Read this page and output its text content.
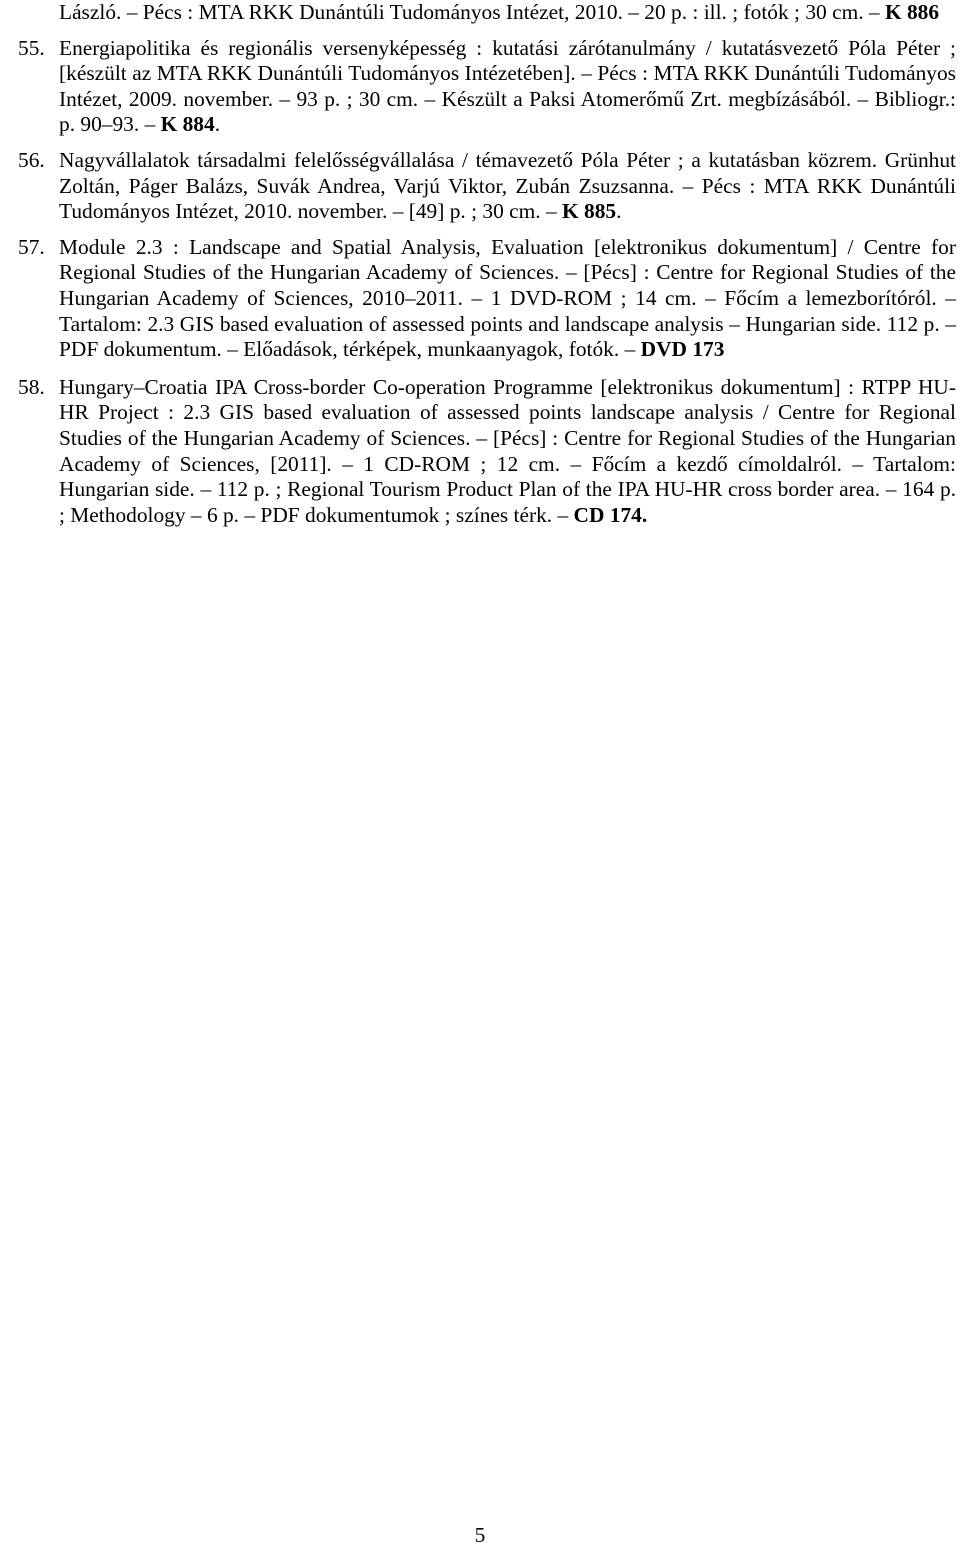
László. – Pécs : MTA RKK Dunántúli Tudományos Intézet, 2010. – 20 p. : ill. ; fotók ; 30 cm. – K 886
55. Energiapolitika és regionális versenyképesség : kutatási zárótanulmány / kutatásvezető Póla Péter ; [készült az MTA RKK Dunántúli Tudományos Intézetében]. – Pécs : MTA RKK Dunántúli Tudományos Intézet, 2009. november. – 93 p. ; 30 cm. – Készült a Paksi Atomerőmű Zrt. megbízásából. – Bibliogr.: p. 90–93. – K 884.
56. Nagyvállalatok társadalmi felelősségvállalása / témavezető Póla Péter ; a kutatásban közrem. Grünhut Zoltán, Páger Balázs, Suvák Andrea, Varjú Viktor, Zubán Zsuzsanna. – Pécs : MTA RKK Dunántúli Tudományos Intézet, 2010. november. – [49] p. ; 30 cm. – K 885.
57. Module 2.3 : Landscape and Spatial Analysis, Evaluation [elektronikus dokumentum] / Centre for Regional Studies of the Hungarian Academy of Sciences. – [Pécs] : Centre for Regional Studies of the Hungarian Academy of Sciences, 2010–2011. – 1 DVD-ROM ; 14 cm. – Főcím a lemezborítóról. – Tartalom: 2.3 GIS based evaluation of assessed points and landscape analysis – Hungarian side. 112 p. – PDF dokumentum. – Előadások, térképek, munkaanyagok, fotók. – DVD 173
58. Hungary–Croatia IPA Cross-border Co-operation Programme [elektronikus dokumentum] : RTPP HU-HR Project : 2.3 GIS based evaluation of assessed points landscape analysis / Centre for Regional Studies of the Hungarian Academy of Sciences. – [Pécs] : Centre for Regional Studies of the Hungarian Academy of Sciences, [2011]. – 1 CD-ROM ; 12 cm. – Főcím a kezdő címoldalról. – Tartalom: Hungarian side. – 112 p. ; Regional Tourism Product Plan of the IPA HU-HR cross border area. – 164 p. ; Methodology – 6 p. – PDF dokumentumok ; színes térk. – CD 174.
5
